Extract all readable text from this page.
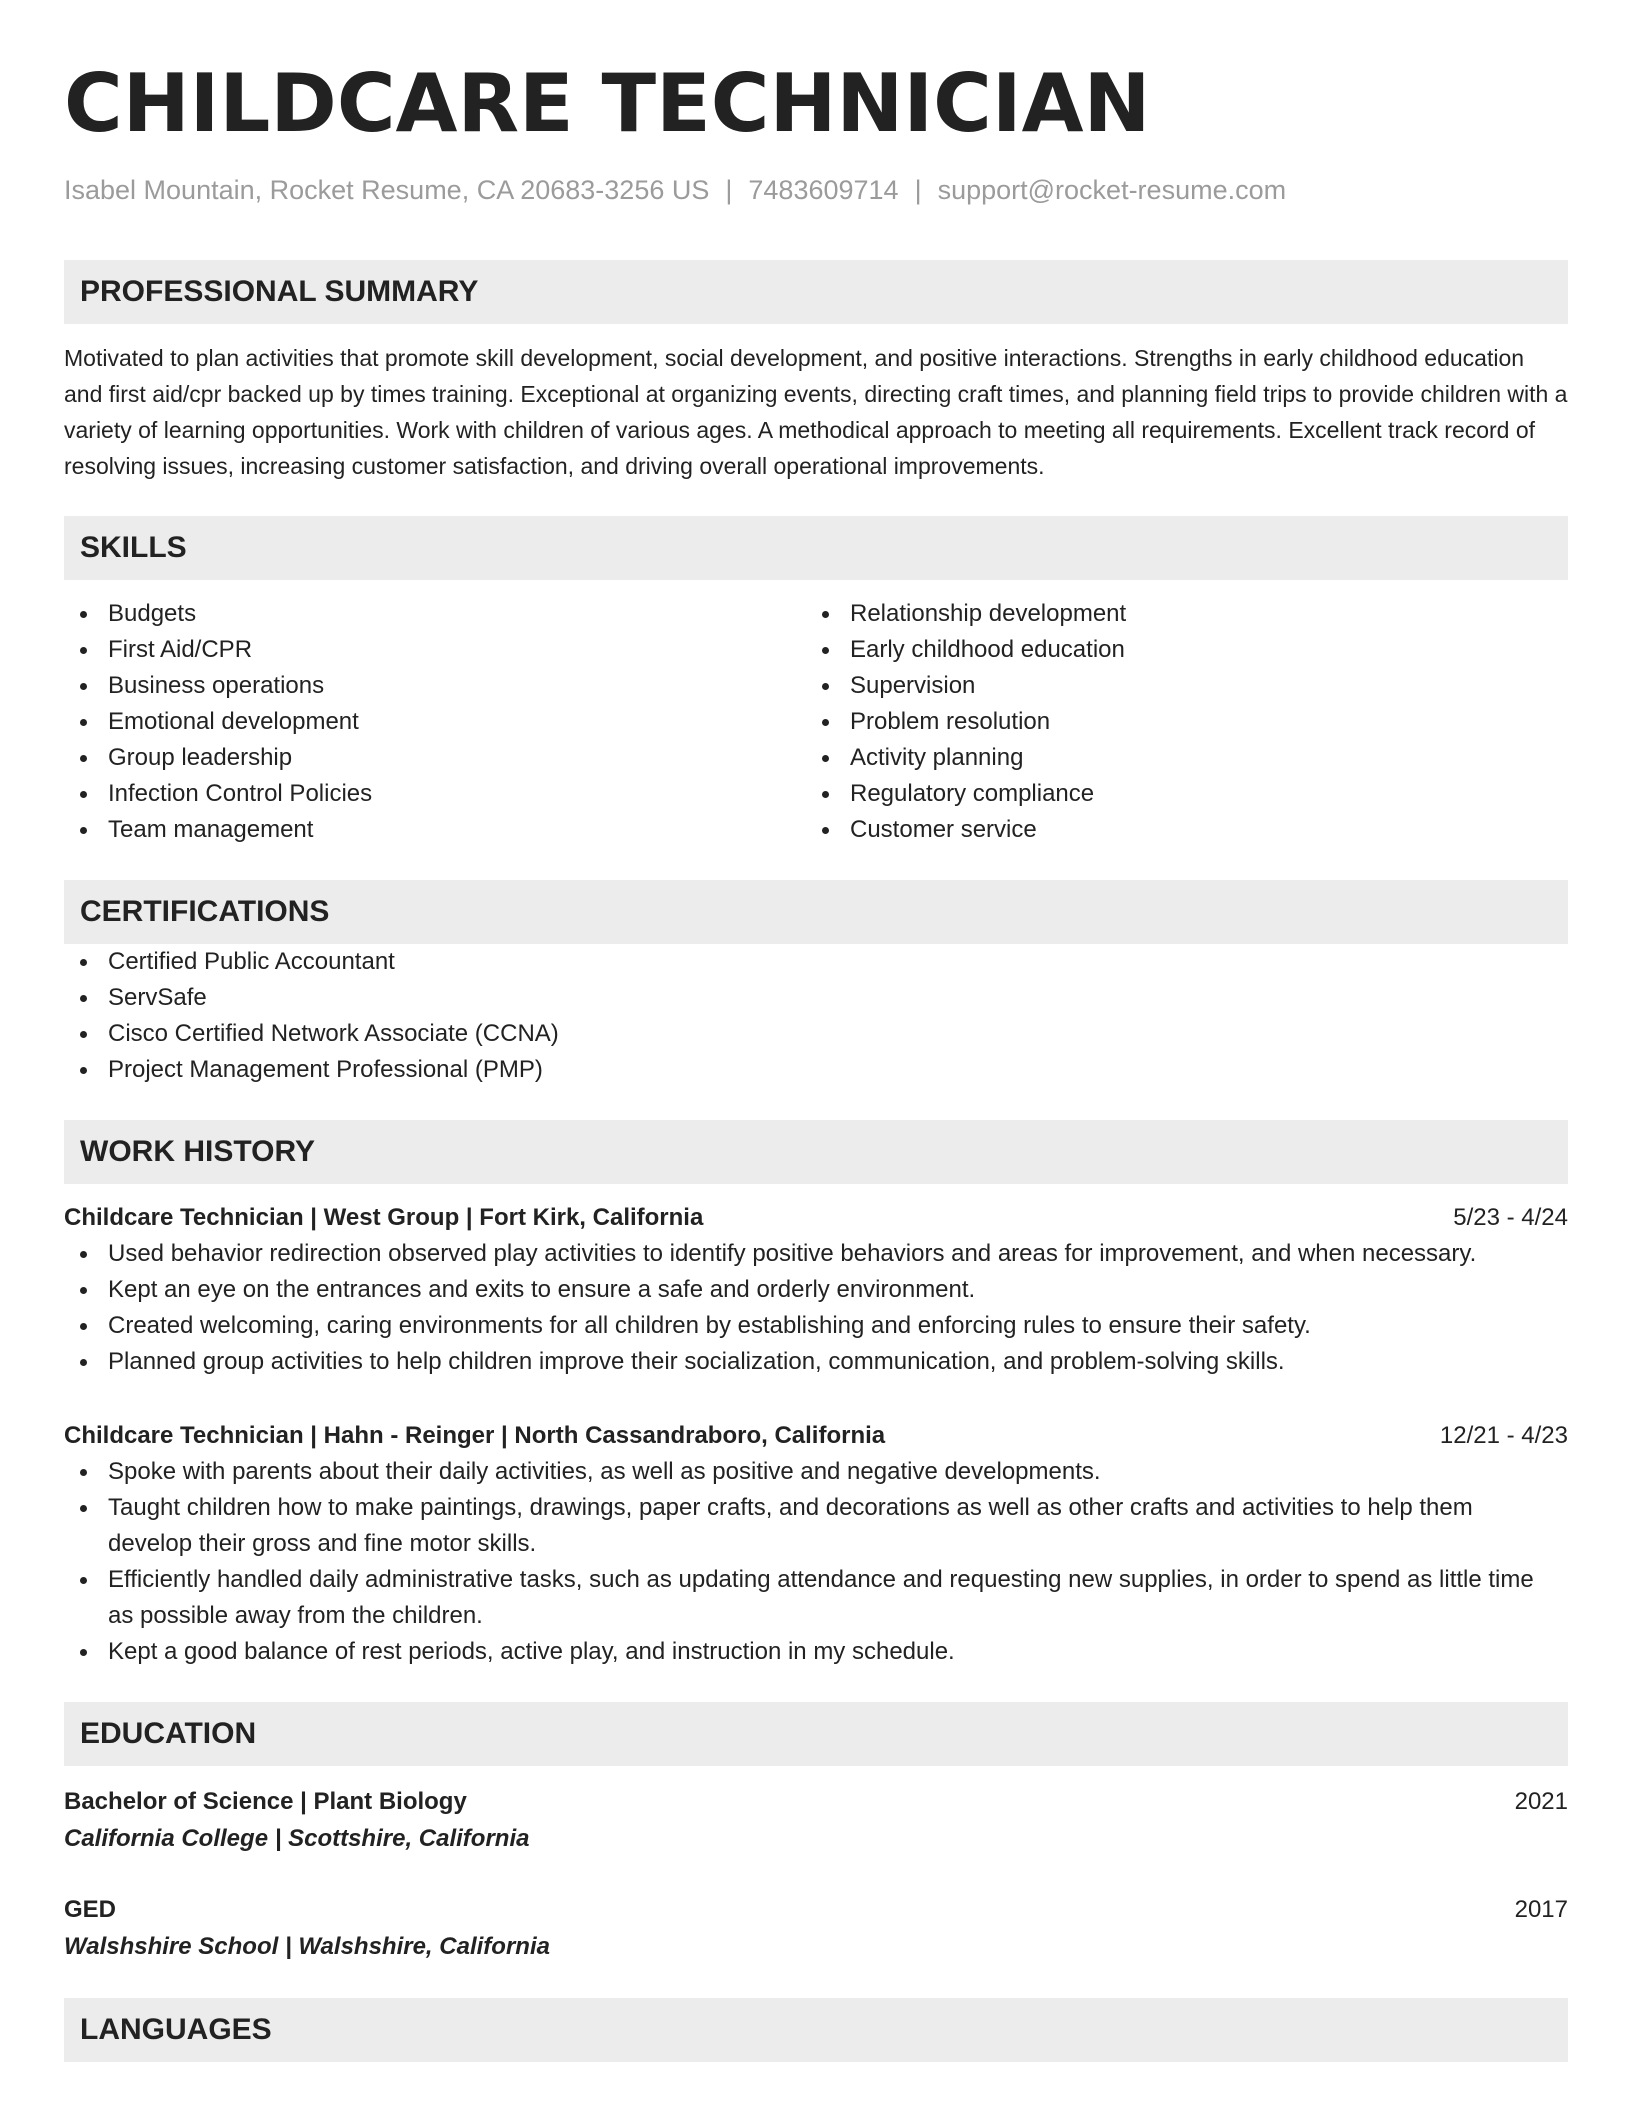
CHILDCARE TECHNICIAN
Isabel Mountain, Rocket Resume, CA 20683-3256 US | 7483609714 | support@rocket-resume.com
PROFESSIONAL SUMMARY

Motivated to plan activities that promote skill development, social development, and positive interactions. Strengths in early childhood education and first aid/cpr backed up by times training. Exceptional at organizing events, directing craft times, and planning field trips to provide children with a variety of learning opportunities. Work with children of various ages. A methodical approach to meeting all requirements. Excellent track record of resolving issues, increasing customer satisfaction, and driving overall operational improvements.

SKILLS
Budgets
First Aid/CPR
Business operations
Emotional development
Group leadership
Infection Control Policies
Team management
Relationship development
Early childhood education
Supervision
Problem resolution
Activity planning
Regulatory compliance
Customer service
CERTIFICATIONS
Certified Public Accountant
ServSafe
Cisco Certified Network Associate (CCNA)
Project Management Professional (PMP)
WORK HISTORY
Childcare Technician | West Group | Fort Kirk, California	5/23 - 4/24
Used behavior redirection observed play activities to identify positive behaviors and areas for improvement, and when necessary.
Kept an eye on the entrances and exits to ensure a safe and orderly environment.
Created welcoming, caring environments for all children by establishing and enforcing rules to ensure their safety.
Planned group activities to help children improve their socialization, communication, and problem-solving skills.
Childcare Technician | Hahn - Reinger | North Cassandraboro, California	12/21 - 4/23
Spoke with parents about their daily activities, as well as positive and negative developments.
Taught children how to make paintings, drawings, paper crafts, and decorations as well as other crafts and activities to help them develop their gross and fine motor skills.
Efficiently handled daily administrative tasks, such as updating attendance and requesting new supplies, in order to spend as little time as possible away from the children.
Kept a good balance of rest periods, active play, and instruction in my schedule.
EDUCATION
Bachelor of Science | Plant Biology	2021
California College | Scottshire, California
GED	2017
Walshshire School | Walshshire, California
LANGUAGES
